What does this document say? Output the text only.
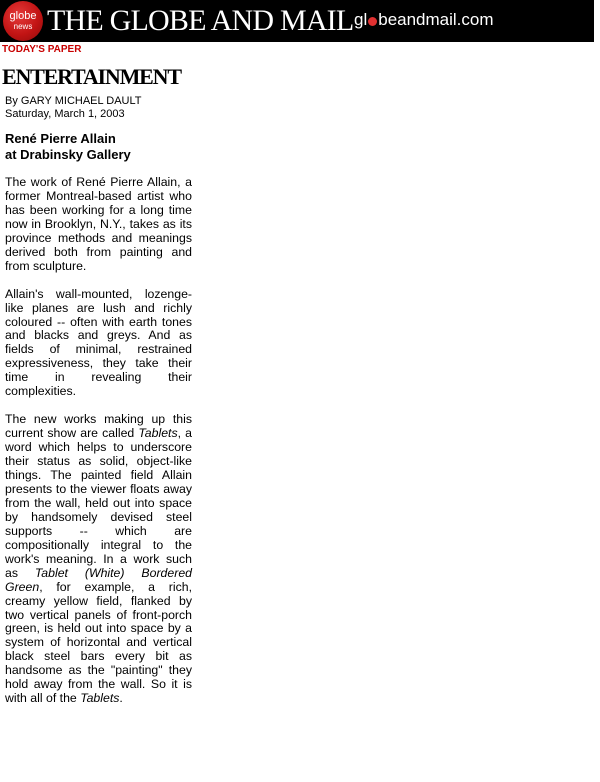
globe
news THE GLOBE AND MAIL gl beandmail.com
TODAY'S PAPER
ENTERTAINMENT
By GARY MICHAEL DAULT
Saturday, March 1, 2003
René Pierre Allain
at Drabinsky Gallery

The work of René Pierre Allain, a former Montreal-based artist who has been working for a long time now in Brooklyn, N.Y., takes as its province methods and meanings derived both from painting and from sculpture.

Allain's wall-mounted, lozenge-like planes are lush and richly coloured -- often with earth tones and blacks and greys. And as fields of minimal, restrained expressiveness, they take their time in revealing their complexities.

The new works making up this current show are called Tablets, a word which helps to underscore their status as solid, object-like things. The painted field Allain presents to the viewer floats away from the wall, held out into space by handsomely devised steel supports -- which are compositionally integral to the work's meaning. In a work such as Tablet (White) Bordered Green, for example, a rich, creamy yellow field, flanked by two vertical panels of front-porch green, is held out into space by a system of horizontal and vertical black steel bars every bit as handsome as the "painting" they hold away from the wall. So it is with all of the Tablets.
